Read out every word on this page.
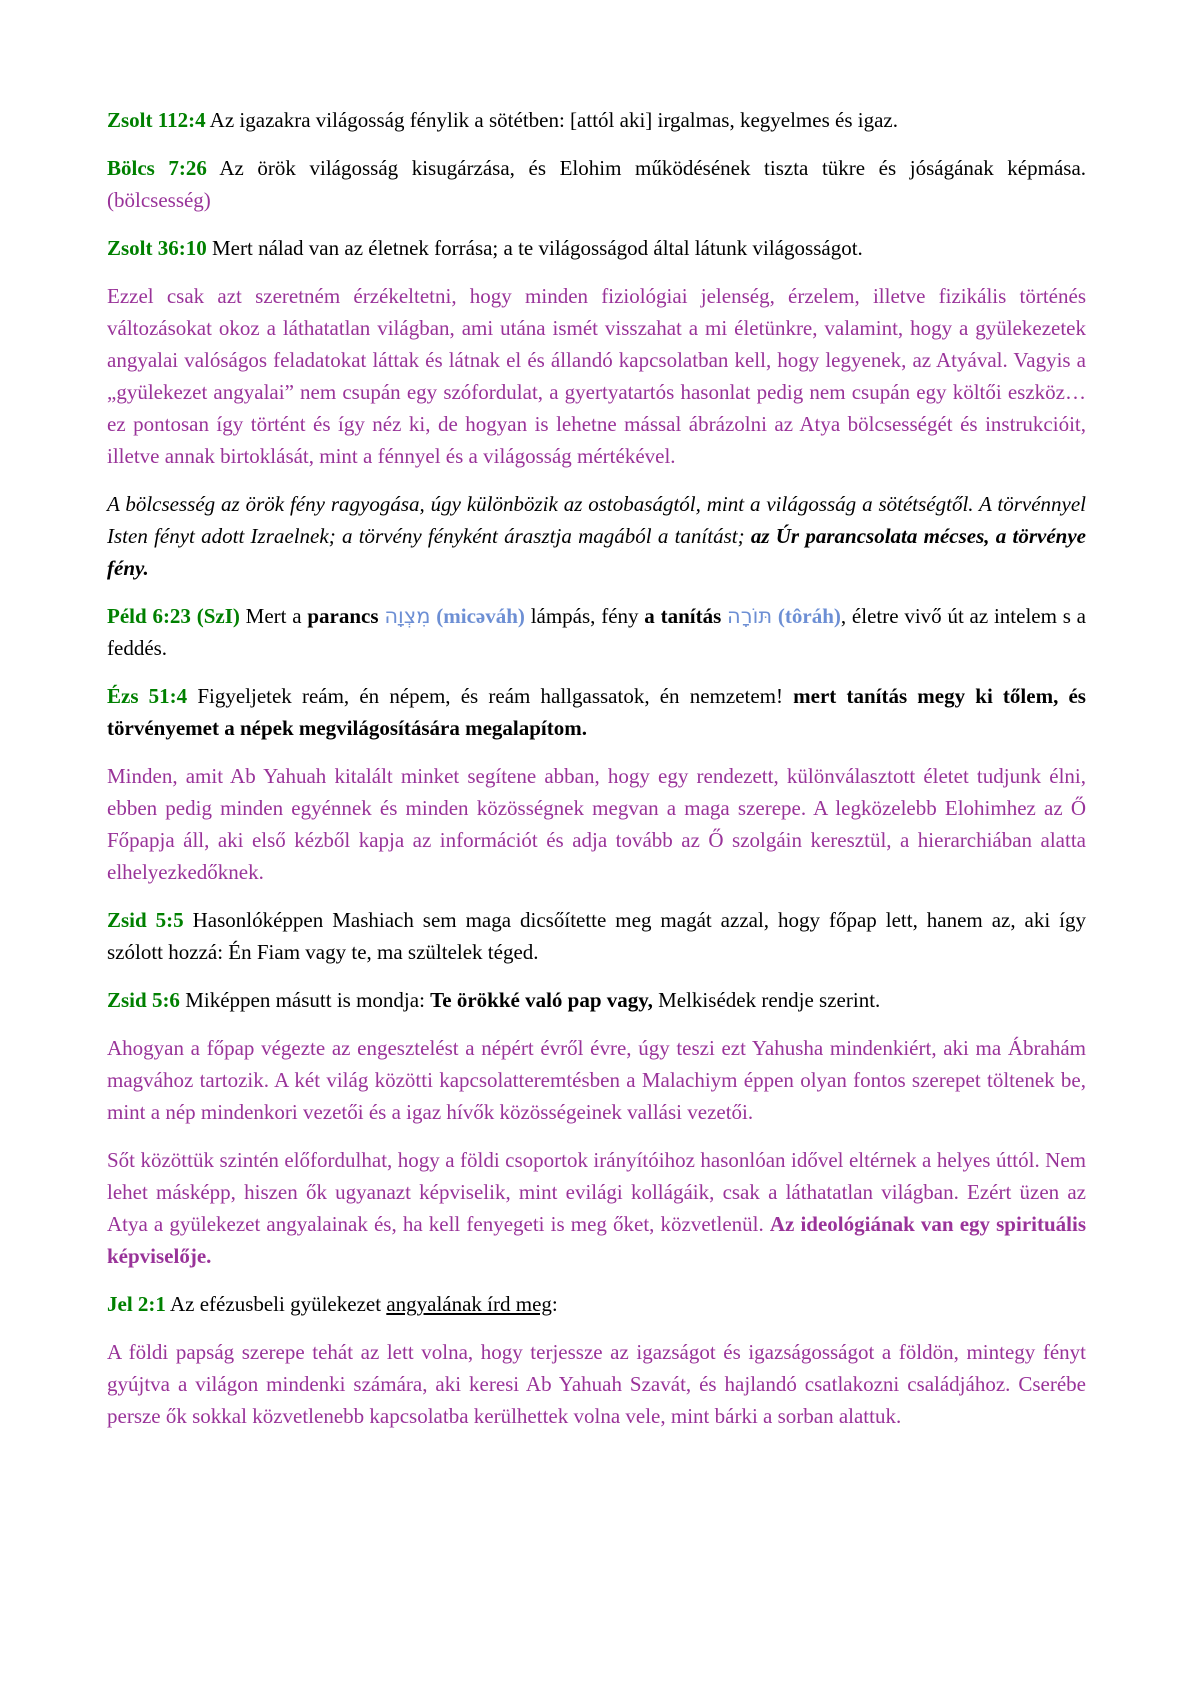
Zsolt 112:4 Az igazakra világosság fénylik a sötétben: [attól aki] irgalmas, kegyelmes és igaz.

Bölcs 7:26 Az örök világosság kisugárzása, és Elohim működésének tiszta tükre és jóságának képmása. (bölcsesség)

Zsolt 36:10 Mert nálad van az életnek forrása; a te világosságod által látunk világosságot.

Ezzel csak azt szeretném érzékeltetni, hogy minden fiziológiai jelenség, érzelem, illetve fizikális történés változásokat okoz a láthatatlan világban, ami utána ismét visszahat a mi életünkre, valamint, hogy a gyülekezetek angyalai valóságos feladatokat láttak és látnak el és állandó kapcsolatban kell, hogy legyenek, az Atyával. Vagyis a „gyülekezet angyalai” nem csupán egy szófordulat, a gyertyatartós hasonlat pedig nem csupán egy költői eszköz… ez pontosan így történt és így néz ki, de hogyan is lehetne mással ábrázolni az Atya bölcsességét és instrukcióit, illetve annak birtoklását, mint a fénnyel és a világosság mértékével.

A bölcsesség az örök fény ragyogása, úgy különbözik az ostobaságtól, mint a világosság a sötétségtől. A törvénnyel Isten fényt adott Izraelnek; a törvény fényként árasztja magából a tanítást; az Úr parancsolata mécses, a törvénye fény.

Péld 6:23 (SzI) Mert a parancs מִצְוָה (micəváh) lámpás, fény a tanítás תּוֹרָה (tôráh), életre vivő út az intelem s a feddés.

Ézs 51:4 Figyeljetek reám, én népem, és reám hallgassatok, én nemzetem! mert tanítás megy ki tőlem, és törvényemet a népek megvilágosítására megalapítom.

Minden, amit Ab Yahuah kitalált minket segítene abban, hogy egy rendezett, különválasztott életet tudjunk élni, ebben pedig minden egyénnek és minden közösségnek megvan a maga szerepe. A legközelebb Elohimhez az Ő Főpapja áll, aki első kézből kapja az információt és adja tovább az Ő szolgáin keresztül, a hierarchiában alatta elhelyezkedőknek.

Zsid 5:5 Hasonlóképpen Mashiach sem maga dicsőítette meg magát azzal, hogy főpap lett, hanem az, aki így szólott hozzá: Én Fiam vagy te, ma szültelek téged.

Zsid 5:6 Miképpen másutt is mondja: Te örökké való pap vagy, Melkisédek rendje szerint.

Ahogyan a főpap végezte az engesztelést a népért évről évre, úgy teszi ezt Yahusha mindenkiért, aki ma Ábrahám magvához tartozik. A két világ közötti kapcsolatteremtésben a Malachiym éppen olyan fontos szerepet töltenek be, mint a nép mindenkori vezetői és a igaz hívők közösségeinek vallási vezetői.

Sőt közöttük szintén előfordulhat, hogy a földi csoportok irányítóihoz hasonlóan idővel eltérnek a helyes úttól. Nem lehet másképp, hiszen ők ugyanazt képviselik, mint evilági kollágáik, csak a láthatatlan világban. Ezért üzen az Atya a gyülekezet angyalainak és, ha kell fenyegeti is meg őket, közvetlenül. Az ideológiának van egy spirituális képviselője.

Jel 2:1 Az efézusbeli gyülekezet angyalának írd meg:

A földi papság szerepe tehát az lett volna, hogy terjessze az igazságot és igazságosságot a földön, mintegy fényt gyújtva a világon mindenki számára, aki keresi Ab Yahuah Szavát, és hajlandó csatlakozni családjához. Cserébe persze ők sokkal közvetlenebb kapcsolatba kerülhettek volna vele, mint bárki a sorban alattuk.
